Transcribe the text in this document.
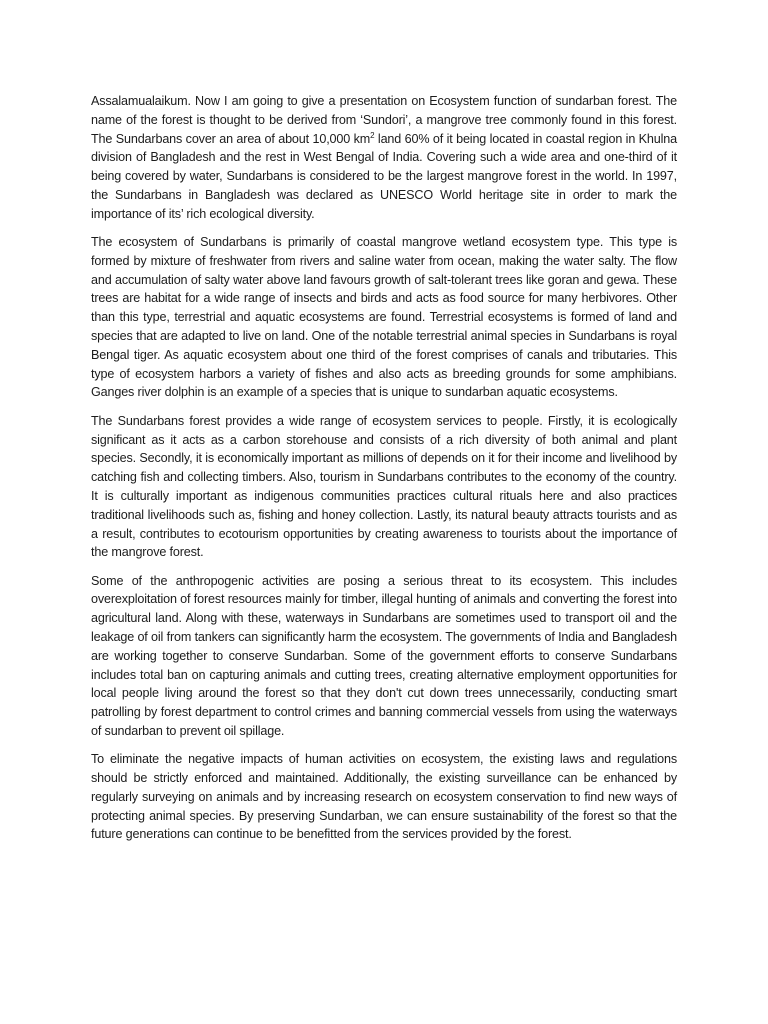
Assalamualaikum. Now I am going to give a presentation on Ecosystem function of sundarban forest. The name of the forest is thought to be derived from ‘Sundori’, a mangrove tree commonly found in this forest. The Sundarbans cover an area of about 10,000 $km^2$ land 60% of it being located in coastal region in Khulna division of Bangladesh and the rest in West Bengal of India. Covering such a wide area and one-third of it being covered by water, Sundarbans is considered to be the largest mangrove forest in the world. In 1997, the Sundarbans in Bangladesh was declared as UNESCO World heritage site in order to mark the importance of its’ rich ecological diversity.

The ecosystem of Sundarbans is primarily of coastal mangrove wetland ecosystem type. This type is formed by mixture of freshwater from rivers and saline water from ocean, making the water salty. The flow and accumulation of salty water above land favours growth of salt-tolerant trees like goran and gewa. These trees are habitat for a wide range of insects and birds and acts as food source for many herbivores. Other than this type, terrestrial and aquatic ecosystems are found. Terrestrial ecosystems is formed of land and species that are adapted to live on land. One of the notable terrestrial animal species in Sundarbans is royal Bengal tiger. As aquatic ecosystem about one third of the forest comprises of canals and tributaries. This type of ecosystem harbors a variety of fishes and also acts as breeding grounds for some amphibians. Ganges river dolphin is an example of a species that is unique to sundarban aquatic ecosystems.

The Sundarbans forest provides a wide range of ecosystem services to people. Firstly, it is ecologically significant as it acts as a carbon storehouse and consists of a rich diversity of both animal and plant species. Secondly, it is economically important as millions of depends on it for their income and livelihood by catching fish and collecting timbers. Also, tourism in Sundarbans contributes to the economy of the country. It is culturally important as indigenous communities practices cultural rituals here and also practices traditional livelihoods such as, fishing and honey collection. Lastly, its natural beauty attracts tourists and as a result, contributes to ecotourism opportunities by creating awareness to tourists about the importance of the mangrove forest.

Some of the anthropogenic activities are posing a serious threat to its ecosystem. This includes overexploitation of forest resources mainly for timber, illegal hunting of animals and converting the forest into agricultural land. Along with these, waterways in Sundarbans are sometimes used to transport oil and the leakage of oil from tankers can significantly harm the ecosystem. The governments of India and Bangladesh are working together to conserve Sundarban. Some of the government efforts to conserve Sundarbans includes total ban on capturing animals and cutting trees, creating alternative employment opportunities for local people living around the forest so that they don't cut down trees unnecessarily, conducting smart patrolling by forest department to control crimes and banning commercial vessels from using the waterways of sundarban to prevent oil spillage.

To eliminate the negative impacts of human activities on ecosystem, the existing laws and regulations should be strictly enforced and maintained. Additionally, the existing surveillance can be enhanced by regularly surveying on animals and by increasing research on ecosystem conservation to find new ways of protecting animal species. By preserving Sundarban, we can ensure sustainability of the forest so that the future generations can continue to be benefitted from the services provided by the forest.
